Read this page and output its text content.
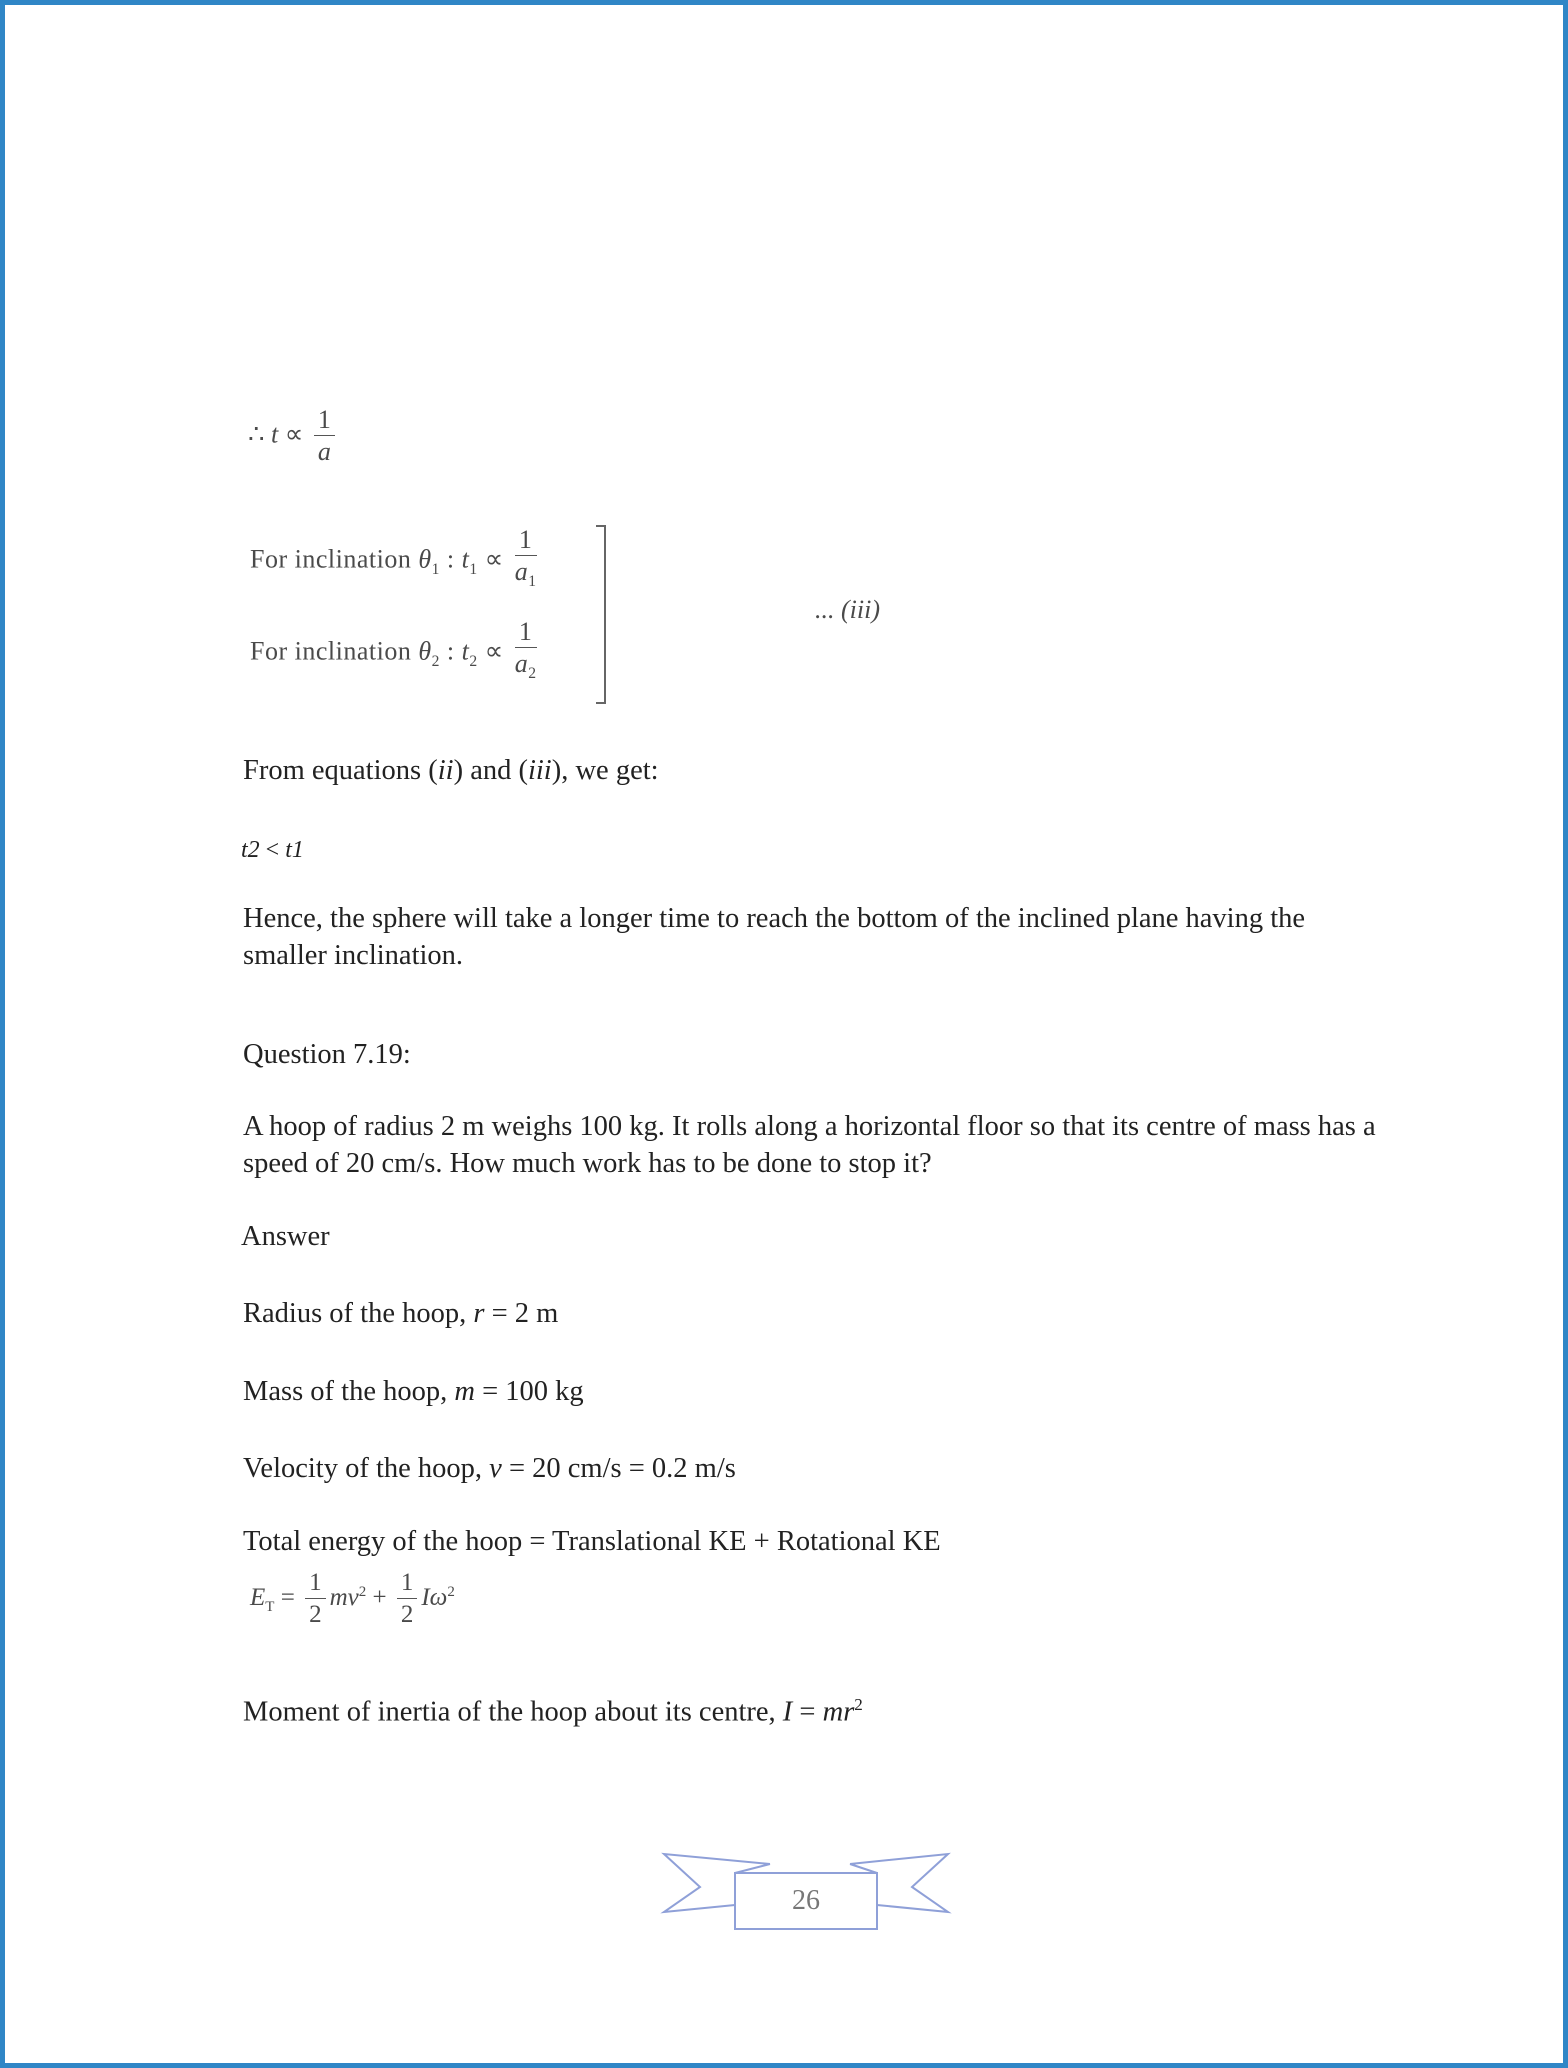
∴ $t \propto \frac{1}{a}$
For inclination $\theta_1$ : $t_1 \propto \frac{1}{a_1}$
For inclination $\theta_2$ : $t_2 \propto \frac{1}{a_2}$
... (iii)
From equations (ii) and (iii), we get:
t2 < t1
Hence, the sphere will take a longer time to reach the bottom of the inclined plane having the smaller inclination.
Question 7.19:
A hoop of radius 2 m weighs 100 kg. It rolls along a horizontal floor so that its centre of mass has a speed of 20 cm/s. How much work has to be done to stop it?
Answer
Radius of the hoop, r = 2 m
Mass of the hoop, m = 100 kg
Velocity of the hoop, v = 20 cm/s = 0.2 m/s
Total energy of the hoop = Translational KE + Rotational KE
$E_T = \frac{1}{2} mv^2 + \frac{1}{2} I\omega^2$
Moment of inertia of the hoop about its centre, $I = mr^2$
26
